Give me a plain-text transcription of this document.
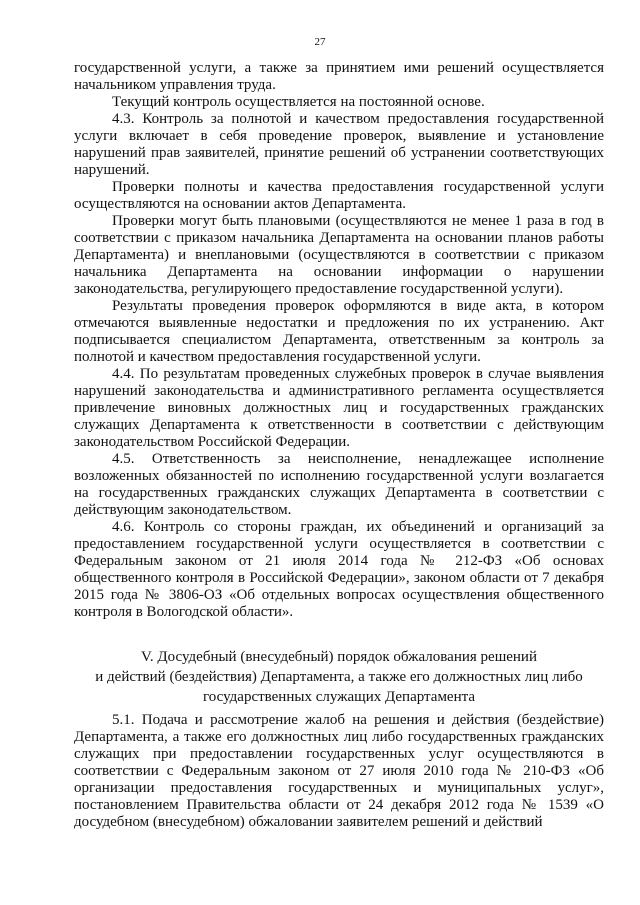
27

государственной услуги, а также за принятием ими решений осуществляется начальником управления труда.

Текущий контроль осуществляется на постоянной основе.

4.3. Контроль за полнотой и качеством предоставления государственной услуги включает в себя проведение проверок, выявление и установление нарушений прав заявителей, принятие решений об устранении соответствующих нарушений.

Проверки полноты и качества предоставления государственной услуги осуществляются на основании актов Департамента.

Проверки могут быть плановыми (осуществляются не менее 1 раза в год в соответствии с приказом начальника Департамента на основании планов работы Департамента) и внеплановыми (осуществляются в соответствии с приказом начальника Департамента на основании информации о нарушении законодательства, регулирующего предоставление государственной услуги).

Результаты проведения проверок оформляются в виде акта, в котором отмечаются выявленные недостатки и предложения по их устранению. Акт подписывается специалистом Департамента, ответственным за контроль за полнотой и качеством предоставления государственной услуги.

4.4. По результатам проведенных служебных проверок в случае выявления нарушений законодательства и административного регламента осуществляется привлечение виновных должностных лиц и государственных гражданских служащих Департамента к ответственности в соответствии с действующим законодательством Российской Федерации.

4.5. Ответственность за неисполнение, ненадлежащее исполнение возложенных обязанностей по исполнению государственной услуги возлагается на государственных гражданских служащих Департамента в соответствии с действующим законодательством.

4.6. Контроль со стороны граждан, их объединений и организаций за предоставлением государственной услуги осуществляется в соответствии с Федеральным законом от 21 июля 2014 года № 212-ФЗ «Об основах общественного контроля в Российской Федерации», законом области от 7 декабря 2015 года № 3806-ОЗ «Об отдельных вопросах осуществления общественного контроля в Вологодской области».

V. Досудебный (внесудебный) порядок обжалования решений
и действий (бездействия) Департамента, а также его должностных лиц либо
государственных служащих Департамента

5.1. Подача и рассмотрение жалоб на решения и действия (бездействие) Департамента, а также его должностных лиц либо государственных гражданских служащих при предоставлении государственных услуг осуществляются в соответствии с Федеральным законом от 27 июля 2010 года № 210-ФЗ «Об организации предоставления государственных и муниципальных услуг», постановлением Правительства области от 24 декабря 2012 года № 1539 «О досудебном (внесудебном) обжаловании заявителем решений и действий
